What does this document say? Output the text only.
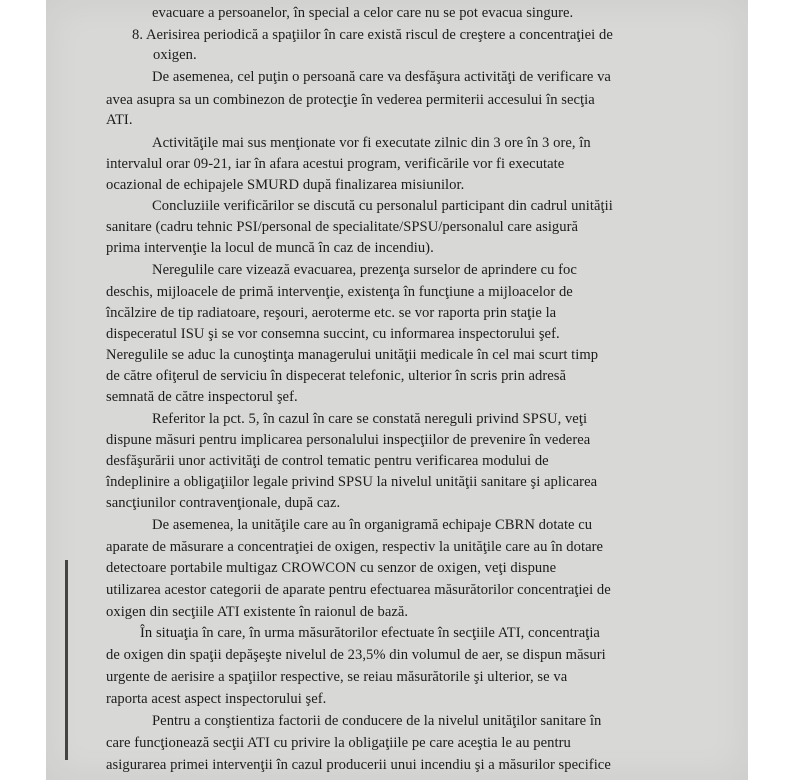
evacuare a persoanelor, în special a celor care nu se pot evacua singure.
8. Aerisirea periodică a spaţiilor în care există riscul de creştere a concentraţiei de
oxigen.
De asemenea, cel puţin o persoană care va desfăşura activităţi de verificare va
avea asupra sa un combinezon de protecţie în vederea permiterii accesului în secţia
ATI.
Activităţile mai sus menţionate vor fi executate zilnic din 3 ore în 3 ore, în
intervalul orar 09-21, iar în afara acestui program, verificările vor fi executate
ocazional de echipajele SMURD după finalizarea misiunilor.
Concluziile verificărilor se discută cu personalul participant din cadrul unităţii
sanitare (cadru tehnic PSI/personal de specialitate/SPSU/personalul care asigură
prima intervenţie la locul de muncă în caz de incendiu).
Neregulile care vizează evacuarea, prezenţa surselor de aprindere cu foc
deschis, mijloacele de primă intervenţie, existenţa în funcţiune a mijloacelor de
încălzire de tip radiatoare, reşouri, aeroterme etc. se vor raporta prin staţie la
dispeceratul ISU şi se vor consemna succint, cu informarea inspectorului şef.
Neregulile se aduc la cunoştinţa managerului unităţii medicale în cel mai scurt timp
de către ofiţerul de serviciu în dispecerat telefonic, ulterior în scris prin adresă
semnată de către inspectorul şef.
Referitor la pct. 5, în cazul în care se constată nereguli privind SPSU, veţi
dispune măsuri pentru implicarea personalului inspecţiilor de prevenire în vederea
desfăşurării unor activităţi de control tematic pentru verificarea modului de
îndeplinire a obligaţiilor legale privind SPSU la nivelul unităţii sanitare şi aplicarea
sancţiunilor contravenţionale, după caz.
De asemenea, la unităţile care au în organigramă echipaje CBRN dotate cu
aparate de măsurare a concentraţiei de oxigen, respectiv la unităţile care au în dotare
detectoare portabile multigaz CROWCON cu senzor de oxigen, veţi dispune
utilizarea acestor categorii de aparate pentru efectuarea măsurătorilor concentraţiei de
oxigen din secţiile ATI existente în raionul de bază.
În situaţia în care, în urma măsurătorilor efectuate în secţiile ATI, concentraţia
de oxigen din spaţii depăşeşte nivelul de 23,5% din volumul de aer, se dispun măsuri
urgente de aerisire a spaţiilor respective, se reiau măsurătorile şi ulterior, se va
raporta acest aspect inspectorului şef.
Pentru a conştientiza factorii de conducere de la nivelul unităţilor sanitare în
care funcţionează secţii ATI cu privire la obligaţiile pe care aceştia le au pentru
asigurarea primei intervenţii în cazul producerii unui incendiu şi a măsurilor specifice
